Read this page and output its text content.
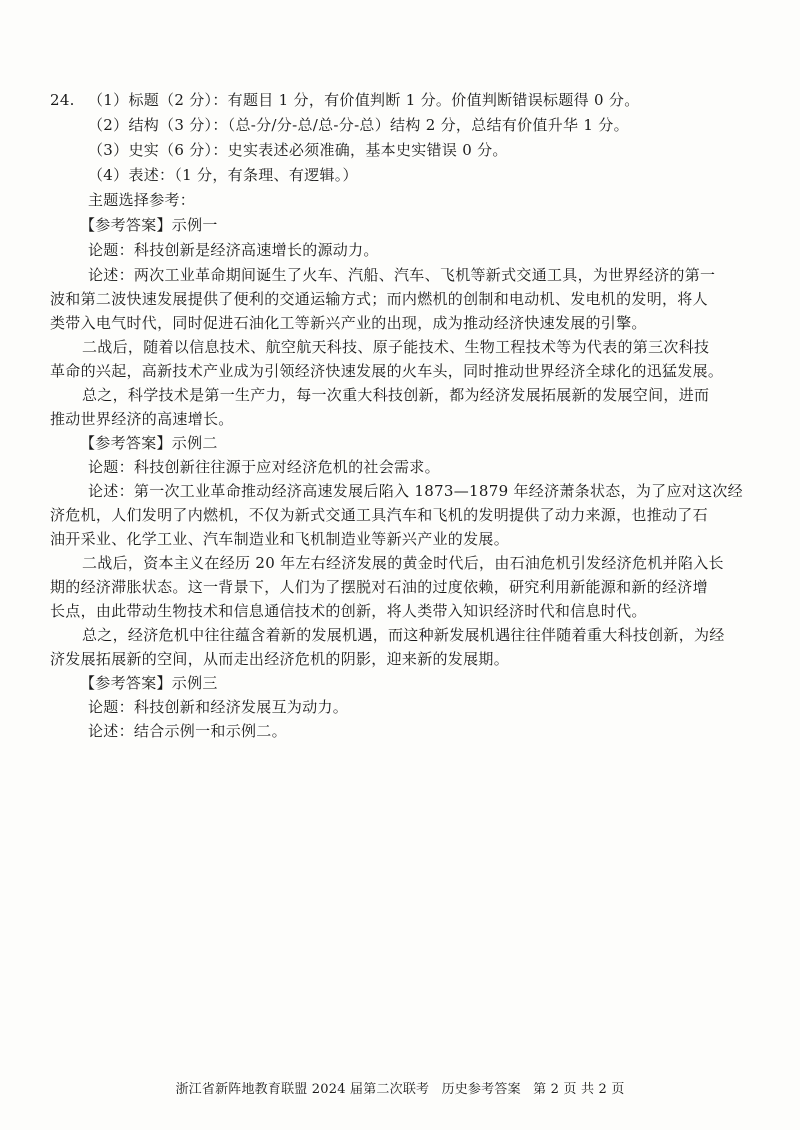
24. （1）标题（2 分）：有题目 1 分，有价值判断 1 分。价值判断错误标题得 0 分。
（2）结构（3 分）：（总-分/分-总/总-分-总）结构 2 分，总结有价值升华 1 分。
（3）史实（6 分）：史实表述必须准确，基本史实错误 0 分。
（4）表述：（1 分，有条理、有逻辑。）
主题选择参考：
【参考答案】示例一
论题：科技创新是经济高速增长的源动力。
论述：两次工业革命期间诞生了火车、汽船、汽车、飞机等新式交通工具，为世界经济的第一
波和第二波快速发展提供了便利的交通运输方式；而内燃机的创制和电动机、发电机的发明，将人
类带入电气时代，同时促进石油化工等新兴产业的出现，成为推动经济快速发展的引擎。
二战后，随着以信息技术、航空航天科技、原子能技术、生物工程技术等为代表的第三次科技
革命的兴起，高新技术产业成为引领经济快速发展的火车头，同时推动世界经济全球化的迅猛发展。
总之，科学技术是第一生产力，每一次重大科技创新，都为经济发展拓展新的发展空间，进而
推动世界经济的高速增长。
【参考答案】示例二
论题：科技创新往往源于应对经济危机的社会需求。
论述：第一次工业革命推动经济高速发展后陷入 1873—1879 年经济萧条状态，为了应对这次经
济危机，人们发明了内燃机，不仅为新式交通工具汽车和飞机的发明提供了动力来源，也推动了石
油开采业、化学工业、汽车制造业和飞机制造业等新兴产业的发展。
二战后，资本主义在经历 20 年左右经济发展的黄金时代后，由石油危机引发经济危机并陷入长
期的经济滞胀状态。这一背景下，人们为了摆脱对石油的过度依赖，研究利用新能源和新的经济增
长点，由此带动生物技术和信息通信技术的创新，将人类带入知识经济时代和信息时代。
总之，经济危机中往往蕴含着新的发展机遇，而这种新发展机遇往往伴随着重大科技创新，为经
济发展拓展新的空间，从而走出经济危机的阴影，迎来新的发展期。
【参考答案】示例三
论题：科技创新和经济发展互为动力。
论述：结合示例一和示例二。
浙江省新阵地教育联盟 2024 届第二次联考 历史参考答案 第 2 页 共 2 页
